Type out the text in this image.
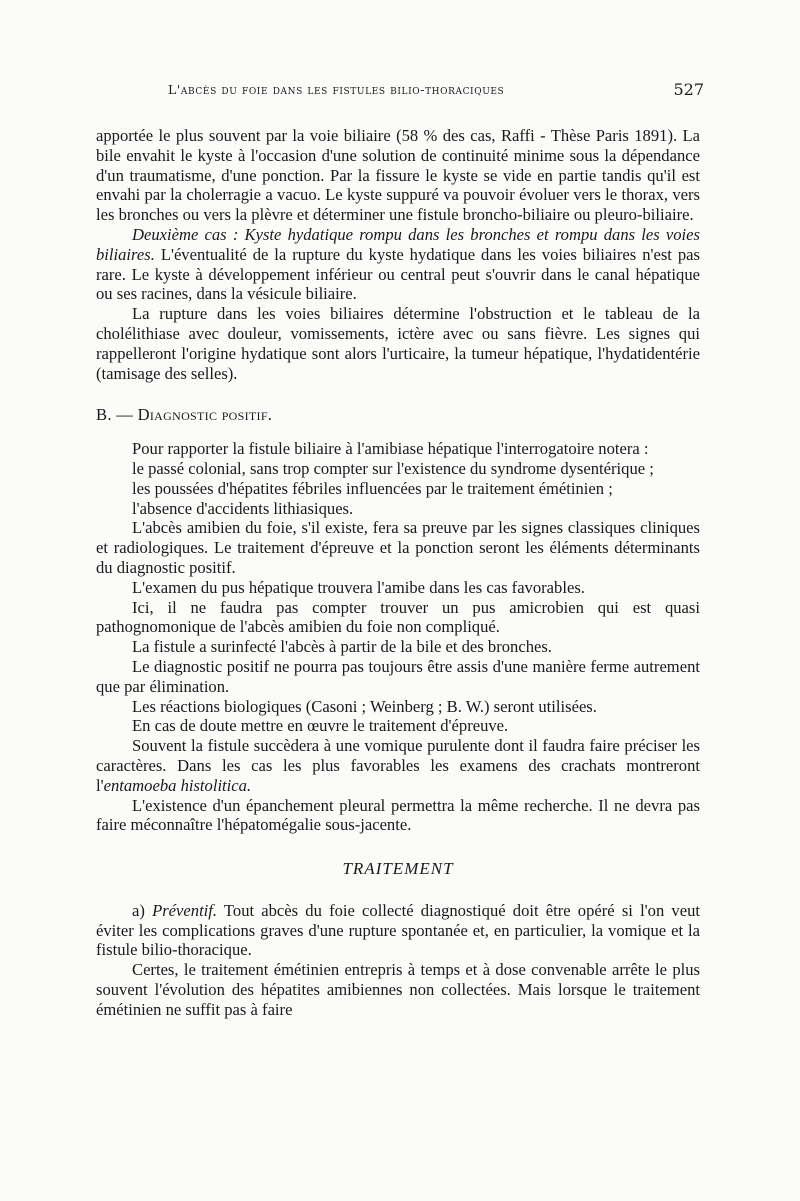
L'abcès du foie dans les fistules bilio-thoraciques	527

apportée le plus souvent par la voie biliaire (58 % des cas, Raffi - Thèse Paris 1891). La bile envahit le kyste à l'occasion d'une solution de continuité minime sous la dépendance d'un traumatisme, d'une ponction. Par la fissure le kyste se vide en partie tandis qu'il est envahi par la cholerragie a vacuo. Le kyste suppuré va pouvoir évoluer vers le thorax, vers les bronches ou vers la plèvre et déterminer une fistule broncho-biliaire ou pleuro-biliaire.

Deuxième cas : Kyste hydatique rompu dans les bronches et rompu dans les voies biliaires. L'éventualité de la rupture du kyste hydatique dans les voies biliaires n'est pas rare. Le kyste à développement inférieur ou central peut s'ouvrir dans le canal hépatique ou ses racines, dans la vésicule biliaire.

La rupture dans les voies biliaires détermine l'obstruction et le tableau de la cholélithiase avec douleur, vomissements, ictère avec ou sans fièvre. Les signes qui rappelleront l'origine hydatique sont alors l'urticaire, la tumeur hépatique, l'hydatidentérie (tamisage des selles).

B. — Diagnostic positif.

Pour rapporter la fistule biliaire à l'amibiase hépatique l'interrogatoire notera :

le passé colonial, sans trop compter sur l'existence du syndrome dysentérique ;

les poussées d'hépatites fébriles influencées par le traitement émétinien ;

l'absence d'accidents lithiasiques.

L'abcès amibien du foie, s'il existe, fera sa preuve par les signes classiques cliniques et radiologiques. Le traitement d'épreuve et la ponction seront les éléments déterminants du diagnostic positif.

L'examen du pus hépatique trouvera l'amibe dans les cas favorables.

Ici, il ne faudra pas compter trouver un pus amicrobien qui est quasi pathognomonique de l'abcès amibien du foie non compliqué.

La fistule a surinfecté l'abcès à partir de la bile et des bronches.

Le diagnostic positif ne pourra pas toujours être assis d'une manière ferme autrement que par élimination.

Les réactions biologiques (Casoni ; Weinberg ; B. W.) seront utilisées.

En cas de doute mettre en œuvre le traitement d'épreuve.

Souvent la fistule succèdera à une vomique purulente dont il faudra faire préciser les caractères. Dans les cas les plus favorables les examens des crachats montreront l'entamoeba histolitica.

L'existence d'un épanchement pleural permettra la même recherche. Il ne devra pas faire méconnaître l'hépatomégalie sous-jacente.

TRAITEMENT

a) Préventif. Tout abcès du foie collecté diagnostiqué doit être opéré si l'on veut éviter les complications graves d'une rupture spontanée et, en particulier, la vomique et la fistule bilio-thoracique.

Certes, le traitement émétinien entrepris à temps et à dose convenable arrête le plus souvent l'évolution des hépatites amibiennes non collectées. Mais lorsque le traitement émétinien ne suffit pas à faire
